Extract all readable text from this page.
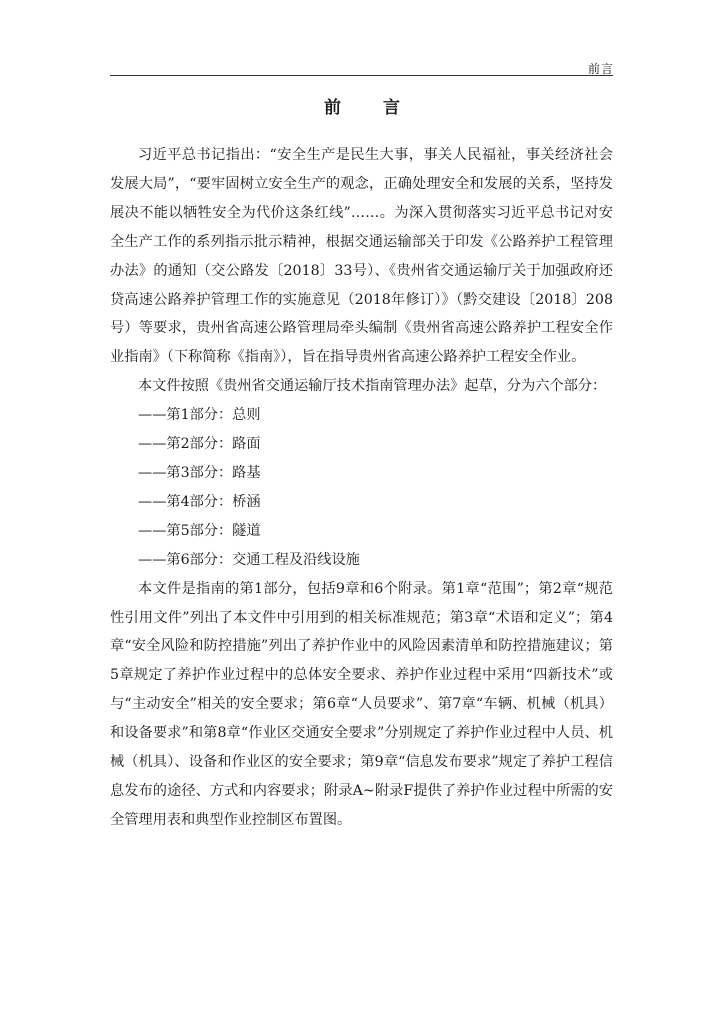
前言
前 言

习近平总书记指出：“安全生产是民生大事，事关人民福祉，事关经济社会发展大局”，“要牢固树立安全生产的观念，正确处理安全和发展的关系，坚持发展决不能以牺牲安全为代价这条红线”……。为深入贯彻落实习近平总书记对安全生产工作的系列指示批示精神，根据交通运输部关于印发《公路养护工程管理办法》的通知（交公路发〔2018〕33号）、《贵州省交通运输厅关于加强政府还贷高速公路养护管理工作的实施意见（2018年修订）》（黔交建设〔2018〕208号）等要求，贵州省高速公路管理局牵头编制《贵州省高速公路养护工程安全作业指南》（下称简称《指南》），旨在指导贵州省高速公路养护工程安全作业。

本文件按照《贵州省交通运输厅技术指南管理办法》起草，分为六个部分：

——第1部分：总则
——第2部分：路面
——第3部分：路基
——第4部分：桥涵
——第5部分：隧道
——第6部分：交通工程及沿线设施

本文件是指南的第1部分，包括9章和6个附录。第1章“范围”；第2章“规范性引用文件”列出了本文件中引用到的相关标准规范；第3章“术语和定义”；第4章“安全风险和防控措施”列出了养护作业中的风险因素清单和防控措施建议；第5章规定了养护作业过程中的总体安全要求、养护作业过程中采用“四新技术”或与“主动安全”相关的安全要求；第6章“人员要求”、第7章“车辆、机械（机具）和设备要求”和第8章“作业区交通安全要求”分别规定了养护作业过程中人员、机械（机具）、设备和作业区的安全要求；第9章“信息发布要求”规定了养护工程信息发布的途径、方式和内容要求；附录A~附录F提供了养护作业过程中所需的安全管理用表和典型作业控制区布置图。
